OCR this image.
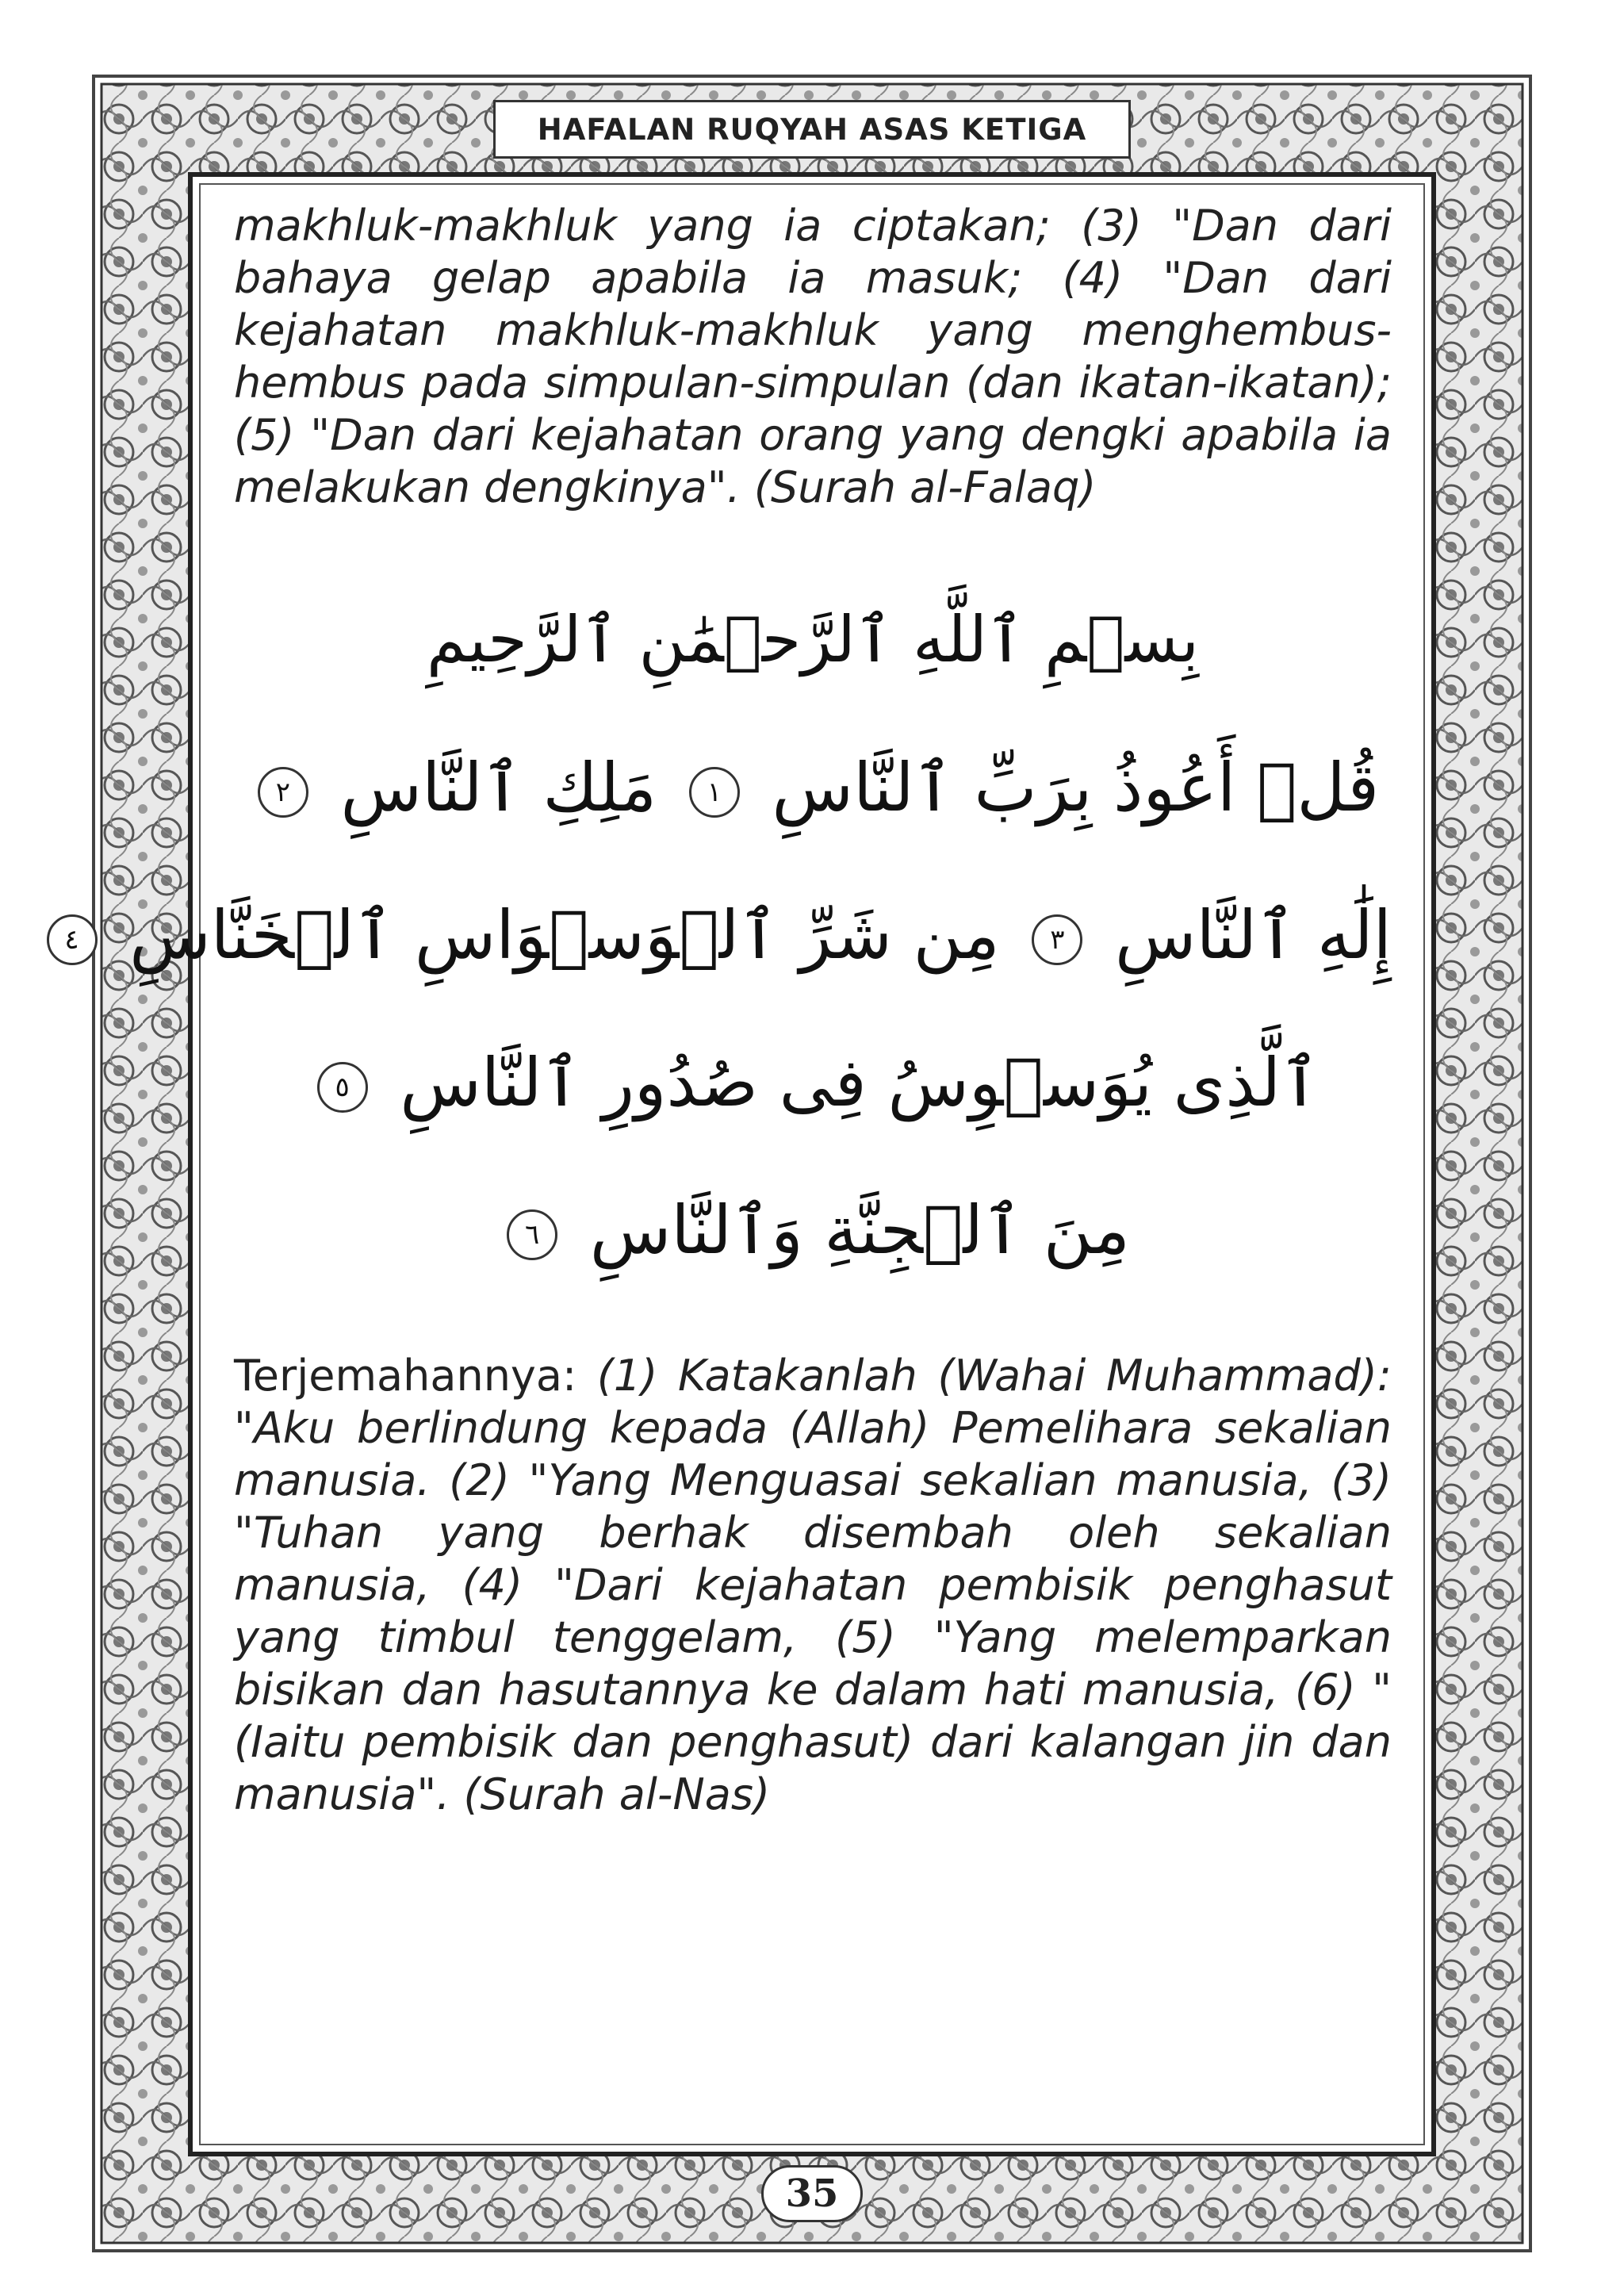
HAFALAN RUQYAH ASAS KETIGA

makhluk-makhluk yang ia ciptakan; (3) "Dan dari bahaya gelap apabila ia masuk; (4) "Dan dari kejahatan makhluk-makhluk yang menghembus-hembus pada simpulan-simpulan (dan ikatan-ikatan); (5) "Dan dari kejahatan orang yang dengki apabila ia melakukan dengkinya". (Surah al-Falaq)

بِسۡمِ ٱللَّهِ ٱلرَّحۡمَٰنِ ٱلرَّحِيمِ
قُلۡ أَعُوذُ بِرَبِّ ٱلنَّاسِ ١ مَلِكِ ٱلنَّاسِ ٢
إِلَٰهِ ٱلنَّاسِ ٣ مِن شَرِّ ٱلۡوَسۡوَاسِ ٱلۡخَنَّاسِ ٤
ٱلَّذِى يُوَسۡوِسُ فِى صُدُورِ ٱلنَّاسِ ٥
مِنَ ٱلۡجِنَّةِ وَٱلنَّاسِ ٦

Terjemahannya: (1) Katakanlah (Wahai Muhammad): "Aku berlindung kepada (Allah) Pemelihara sekalian manusia. (2) "Yang Menguasai sekalian manusia, (3) "Tuhan yang berhak disembah oleh sekalian manusia, (4) "Dari kejahatan pembisik penghasut yang timbul tenggelam, (5) "Yang melemparkan bisikan dan hasutannya ke dalam hati manusia, (6) "(Iaitu pembisik dan penghasut) dari kalangan jin dan manusia". (Surah al-Nas)

35
